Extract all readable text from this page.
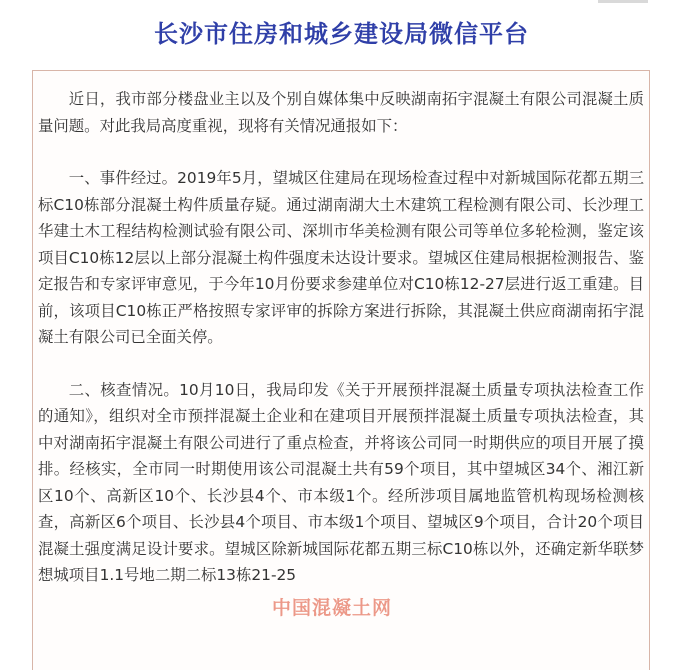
长沙市住房和城乡建设局微信平台

近日，我市部分楼盘业主以及个别自媒体集中反映湖南拓宇混凝土有限公司混凝土质量问题。对此我局高度重视，现将有关情况通报如下：

一、事件经过。2019年5月，望城区住建局在现场检查过程中对新城国际花都五期三标C10栋部分混凝土构件质量存疑。通过湖南湖大土木建筑工程检测有限公司、长沙理工华建土木工程结构检测试验有限公司、深圳市华美检测有限公司等单位多轮检测，鉴定该项目C10栋12层以上部分混凝土构件强度未达设计要求。望城区住建局根据检测报告、鉴定报告和专家评审意见，于今年10月份要求参建单位对C10栋12-27层进行返工重建。目前，该项目C10栋正严格按照专家评审的拆除方案进行拆除，其混凝土供应商湖南拓宇混凝土有限公司已全面关停。

二、核查情况。10月10日，我局印发《关于开展预拌混凝土质量专项执法检查工作的通知》，组织对全市预拌混凝土企业和在建项目开展预拌混凝土质量专项执法检查，其中对湖南拓宇混凝土有限公司进行了重点检查，并将该公司同一时期供应的项目开展了摸排。经核实，全市同一时期使用该公司混凝土共有59个项目，其中望城区34个、湘江新区10个、高新区10个、长沙县4个、市本级1个。经所涉项目属地监管机构现场检测核查，高新区6个项目、长沙县4个项目、市本级1个项目、望城区9个项目，合计20个项目混凝土强度满足设计要求。望城区除新城国际花都五期三标C10栋以外，还确定新华联梦想城项目1.1号地二期二标13栋21-25

中国混凝土网
